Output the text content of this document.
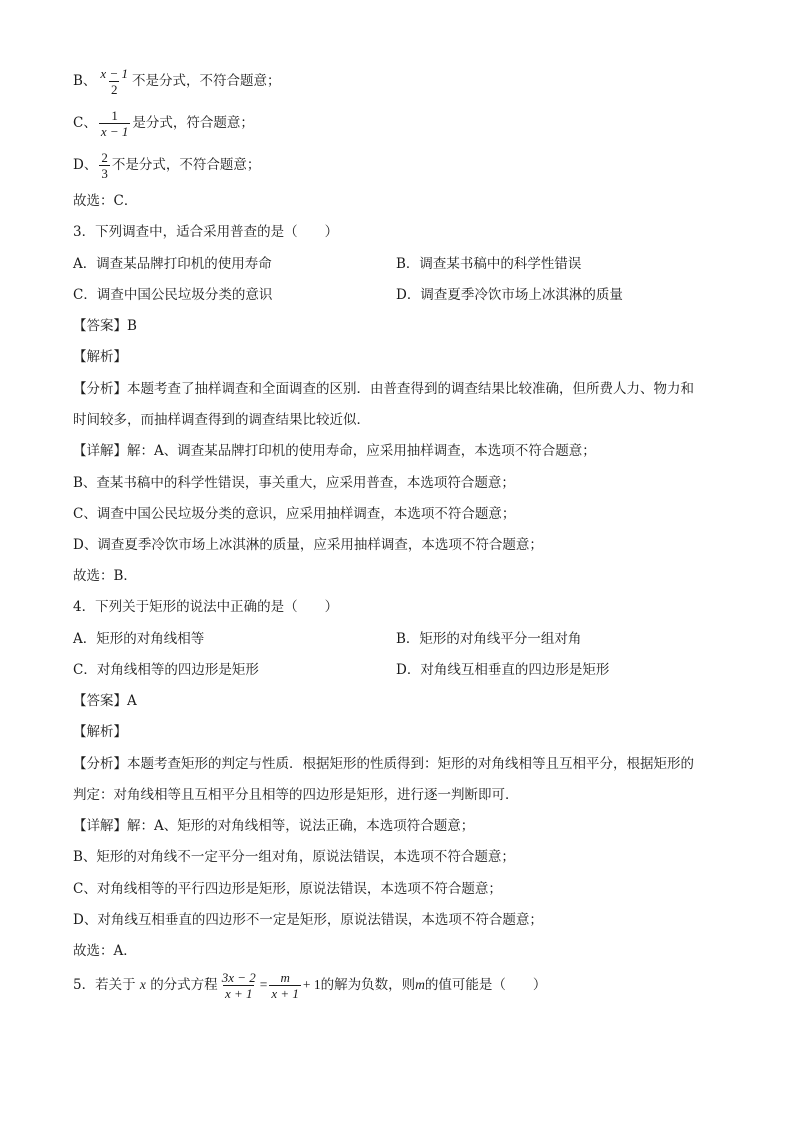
B、 $\frac{x - 1}{2}$ 不是分式，不符合题意；
C、 $\frac{1}{x - 1}$ 是分式，符合题意；
D、 $\frac{2}{3}$ 不是分式，不符合题意；
故选：C．
3．下列调查中，适合采用普查的是（　　）
A．调查某品牌打印机的使用寿命	B．调查某书稿中的科学性错误
C．调查中国公民垃圾分类的意识	D．调查夏季冷饮市场上冰淇淋的质量
【答案】B
【解析】
【分析】本题考查了抽样调查和全面调查的区别．由普查得到的调查结果比较准确，但所费人力、物力和
时间较多，而抽样调查得到的调查结果比较近似．
【详解】解：A、调查某品牌打印机的使用寿命，应采用抽样调查，本选项不符合题意；
B、查某书稿中的科学性错误，事关重大，应采用普查，本选项符合题意；
C、调查中国公民垃圾分类的意识，应采用抽样调查，本选项不符合题意；
D、调查夏季冷饮市场上冰淇淋的质量，应采用抽样调查，本选项不符合题意；
故选：B．
4．下列关于矩形的说法中正确的是（　　）
A．矩形的对角线相等	B．矩形的对角线平分一组对角
C．对角线相等的四边形是矩形	D．对角线互相垂直的四边形是矩形
【答案】A
【解析】
【分析】本题考查矩形的判定与性质．根据矩形的性质得到：矩形的对角线相等且互相平分，根据矩形的
判定：对角线相等且互相平分且相等的四边形是矩形，进行逐一判断即可．
【详解】解：A、矩形的对角线相等，说法正确，本选项符合题意；
B、矩形的对角线不一定平分一组对角，原说法错误，本选项不符合题意；
C、对角线相等的平行四边形是矩形，原说法错误，本选项不符合题意；
D、对角线互相垂直的四边形不一定是矩形，原说法错误，本选项不符合题意；
故选：A．
5．若关于 x 的分式方程 $\frac{3x - 2}{x + 1} = \frac{m}{x + 1} + 1$的解为负数，则m的值可能是（　　）
